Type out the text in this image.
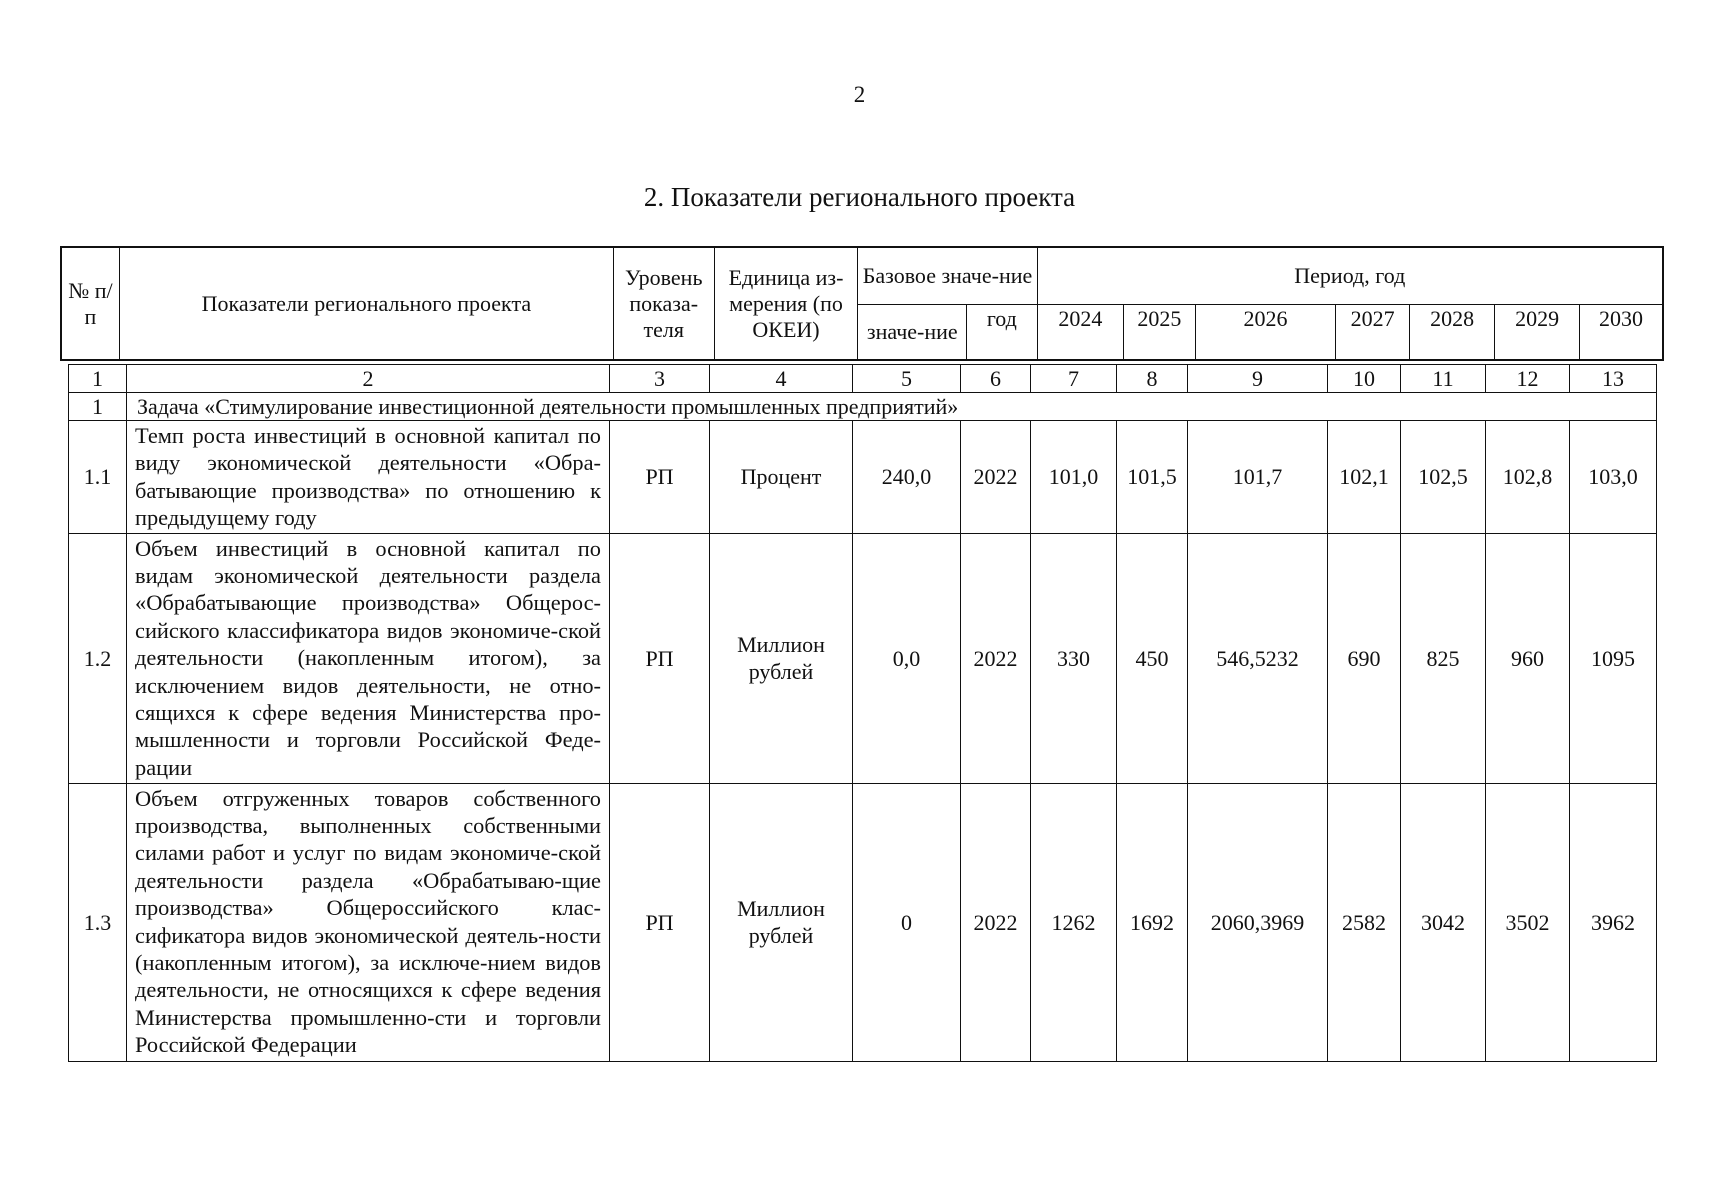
2
2. Показатели регионального проекта
№ п/п	Показатели регионального проекта	Уровень показа-теля	Единица из-мерения (по ОКЕИ)	Базовое значе-ние		Период, год						
				значе-ние	год	2024	2025	2026	2027	2028	2029	2030
1	2	3	4	5	6	7	8	9	10	11	12	13
1	Задача «Стимулирование инвестиционной деятельности промышленных предприятий»											
1.1	Темп роста инвестиций в основной капитал по виду экономической деятельности «Обра-батывающие производства» по отношению к предыдущему году	РП	Процент	240,0	2022	101,0	101,5	101,7	102,1	102,5	102,8	103,0
1.2	Объем инвестиций в основной капитал по видам экономической деятельности раздела «Обрабатывающие производства» Общерос-сийского классификатора видов экономиче-ской деятельности (накопленным итогом), за исключением видов деятельности, не отно-сящихся к сфере ведения Министерства про-мышленности и торговли Российской Феде-рации	РП	Миллион рублей	0,0	2022	330	450	546,5232	690	825	960	1095
1.3	Объем отгруженных товаров собственного производства, выполненных собственными силами работ и услуг по видам экономиче-ской деятельности раздела «Обрабатываю-щие производства» Общероссийского клас-сификатора видов экономической деятель-ности (накопленным итогом), за исключе-нием видов деятельности, не относящихся к сфере ведения Министерства промышленно-сти и торговли Российской Федерации	РП	Миллион рублей	0	2022	1262	1692	2060,3969	2582	3042	3502	3962
